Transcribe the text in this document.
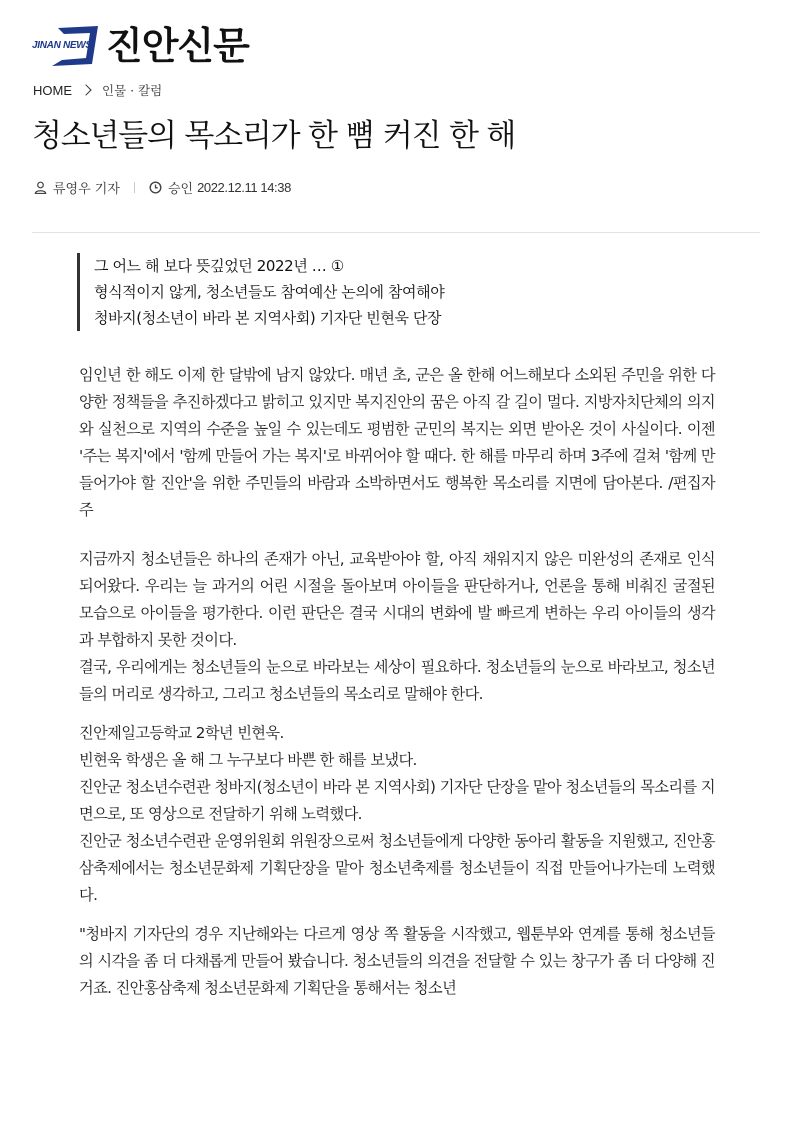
JINAN NEWS 진안신문
HOME 인물 · 칼럼
청소년들의 목소리가 한 뼘 커진 한 해
류영우 기자	승인 2022.12.11 14:38
그 어느 해 보다 뜻깊었던 2022년 … ①
형식적이지 않게, 청소년들도 참여예산 논의에 참여해야
청바지(청소년이 바라 본 지역사회) 기자단 빈현욱 단장

임인년 한 해도 이제 한 달밖에 남지 않았다. 매년 초, 군은 올 한해 어느해보다 소외된 주민을 위한 다양한 정책들을 추진하겠다고 밝히고 있지만 복지진안의 꿈은 아직 갈 길이 멀다. 지방자치단체의 의지와 실천으로 지역의 수준을 높일 수 있는데도 평범한 군민의 복지는 외면 받아온 것이 사실이다. 이젠 '주는 복지'에서 '함께 만들어 가는 복지'로 바뀌어야 할 때다. 한 해를 마무리 하며 3주에 걸쳐 '함께 만들어가야 할 진안'을 위한 주민들의 바람과 소박하면서도 행복한 목소리를 지면에 담아본다. /편집자 주

지금까지 청소년들은 하나의 존재가 아닌, 교육받아야 할, 아직 채워지지 않은 미완성의 존재로 인식되어왔다. 우리는 늘 과거의 어린 시절을 돌아보며 아이들을 판단하거나, 언론을 통해 비춰진 굴절된 모습으로 아이들을 평가한다. 이런 판단은 결국 시대의 변화에 발 빠르게 변하는 우리 아이들의 생각과 부합하지 못한 것이다.

결국, 우리에게는 청소년들의 눈으로 바라보는 세상이 필요하다. 청소년들의 눈으로 바라보고, 청소년들의 머리로 생각하고, 그리고 청소년들의 목소리로 말해야 한다.

진안제일고등학교 2학년 빈현욱.

빈현욱 학생은 올 해 그 누구보다 바쁜 한 해를 보냈다.

진안군 청소년수련관 청바지(청소년이 바라 본 지역사회) 기자단 단장을 맡아 청소년들의 목소리를 지면으로, 또 영상으로 전달하기 위해 노력했다.

진안군 청소년수련관 운영위원회 위원장으로써 청소년들에게 다양한 동아리 활동을 지원했고, 진안홍삼축제에서는 청소년문화제 기획단장을 맡아 청소년축제를 청소년들이 직접 만들어나가는데 노력했다.

"청바지 기자단의 경우 지난해와는 다르게 영상 쪽 활동을 시작했고, 웹툰부와 연계를 통해 청소년들의 시각을 좀 더 다채롭게 만들어 봤습니다. 청소년들의 의견을 전달할 수 있는 창구가 좀 더 다양해 진 거죠. 진안홍삼축제 청소년문화제 기획단을 통해서는 청소년
